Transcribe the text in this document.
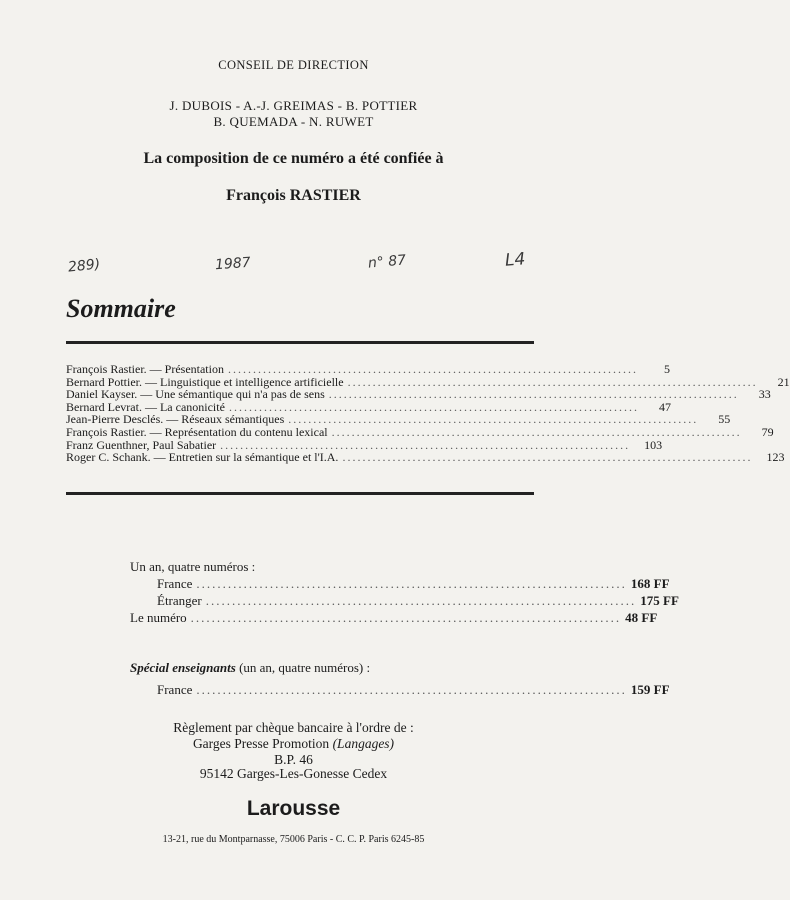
CONSEIL DE DIRECTION
J. DUBOIS - A.-J. GREIMAS - B. POTTIER
B. QUEMADA - N. RUWET
La composition de ce numéro a été confiée à
François RASTIER
289)	1987	n° 87	L4
Sommaire
François Rastier. — Présentation ..................................................................................	5
Bernard Pottier. — Linguistique et intelligence artificielle ..................................................................................	21
Daniel Kayser. — Une sémantique qui n'a pas de sens ..................................................................................	33
Bernard Levrat. — La canonicité ..................................................................................	47
Jean-Pierre Desclés. — Réseaux sémantiques ..................................................................................	55
François Rastier. — Représentation du contenu lexical ..................................................................................	79
Franz Guenthner, Paul Sabatier ..................................................................................	103
Roger C. Schank. — Entretien sur la sémantique et l'I.A. ..................................................................................	123
Un an, quatre numéros :
France .................................................................................. 168 FF
Étranger .................................................................................. 175 FF
Le numéro .................................................................................. 48 FF
Spécial enseignants (un an, quatre numéros) :
France .................................................................................. 159 FF
Règlement par chèque bancaire à l'ordre de :
Garges Presse Promotion (Langages)
B.P. 46
95142 Garges-Les-Gonesse Cedex
Larousse
13-21, rue du Montparnasse, 75006 Paris - C. C. P. Paris 6245-85
